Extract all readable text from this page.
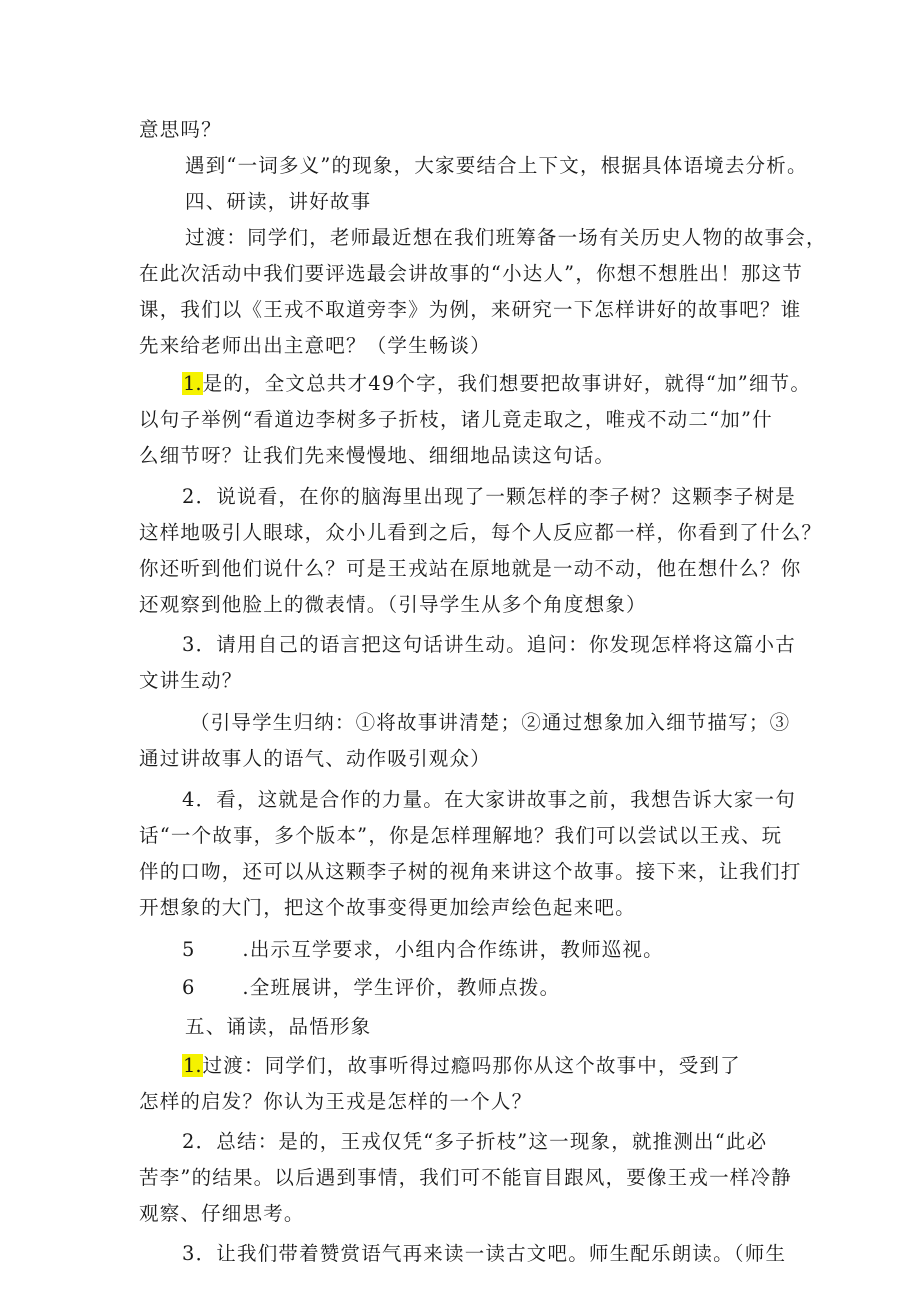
意思吗？
遇到“一词多义”的现象，大家要结合上下文，根据具体语境去分析。
四、研读，讲好故事
过渡：同学们，老师最近想在我们班筹备一场有关历史人物的故事会，
在此次活动中我们要评选最会讲故事的“小达人”，你想不想胜出！那这节
课，我们以《王戎不取道旁李》为例，来研究一下怎样讲好的故事吧？谁
先来给老师出出主意吧？（学生畅谈）
1.是的，全文总共才49个字，我们想要把故事讲好，就得“加”细节。
以句子举例“看道边李树多子折枝，诸儿竟走取之，唯戎不动二“加”什
么细节呀？让我们先来慢慢地、细细地品读这句话。
2．说说看，在你的脑海里出现了一颗怎样的李子树？这颗李子树是
这样地吸引人眼球，众小儿看到之后，每个人反应都一样，你看到了什么？
你还听到他们说什么？可是王戎站在原地就是一动不动，他在想什么？你
还观察到他脸上的微表情。（引导学生从多个角度想象）
3．请用自己的语言把这句话讲生动。追问：你发现怎样将这篇小古
文讲生动？
（引导学生归纳：①将故事讲清楚；②通过想象加入细节描写；③
通过讲故事人的语气、动作吸引观众）
4．看，这就是合作的力量。在大家讲故事之前，我想告诉大家一句
话“一个故事，多个版本”，你是怎样理解地？我们可以尝试以王戎、玩
伴的口吻，还可以从这颗李子树的视角来讲这个故事。接下来，让我们打
开想象的大门，把这个故事变得更加绘声绘色起来吧。
5 .出示互学要求，小组内合作练讲，教师巡视。
6 .全班展讲，学生评价，教师点拨。
五、诵读，品悟形象
1.过渡：同学们，故事听得过瘾吗那你从这个故事中，受到了
怎样的启发？你认为王戎是怎样的一个人？
2．总结：是的，王戎仅凭“多子折枝”这一现象，就推测出“此必
苦李”的结果。以后遇到事情，我们可不能盲目跟风，要像王戎一样冷静
观察、仔细思考。
3．让我们带着赞赏语气再来读一读古文吧。师生配乐朗读。（师生
